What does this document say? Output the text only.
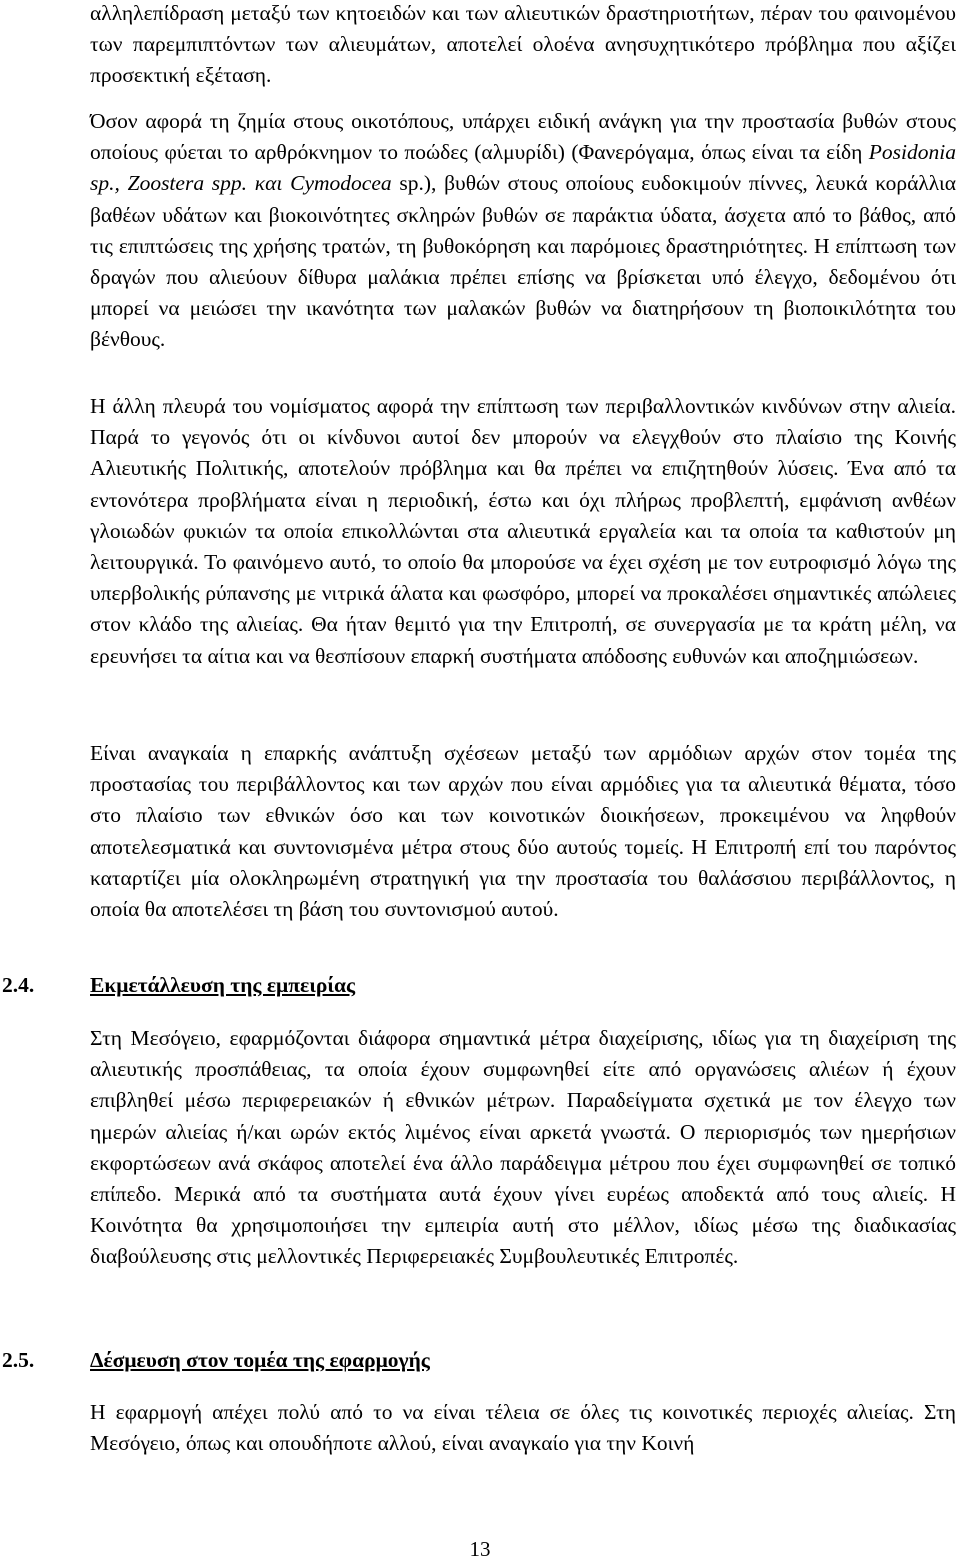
αλληλεπίδραση μεταξύ των κητοειδών και των αλιευτικών δραστηριοτήτων, πέραν του φαινομένου των παρεμπιπτόντων των αλιευμάτων, αποτελεί ολοένα ανησυχητικότερο πρόβλημα που αξίζει προσεκτική εξέταση.

Όσον αφορά τη ζημία στους οικοτόπους, υπάρχει ειδική ανάγκη για την προστασία βυθών στους οποίους φύεται το αρθρόκνημον το ποώδες (αλμυρίδι) (Φανερόγαμα, όπως είναι τα είδη Posidonia sp., Zoostera spp. και Cymodocea sp.), βυθών στους οποίους ευδοκιμούν πίννες, λευκά κοράλλια βαθέων υδάτων και βιοκοινότητες σκληρών βυθών σε παράκτια ύδατα, άσχετα από το βάθος, από τις επιπτώσεις της χρήσης τρατών, τη βυθοκόρηση και παρόμοιες δραστηριότητες. Η επίπτωση των δραγών που αλιεύουν δίθυρα μαλάκια πρέπει επίσης να βρίσκεται υπό έλεγχο, δεδομένου ότι μπορεί να μειώσει την ικανότητα των μαλακών βυθών να διατηρήσουν τη βιοποικιλότητα του βένθους.

Η άλλη πλευρά του νομίσματος αφορά την επίπτωση των περιβαλλοντικών κινδύνων στην αλιεία. Παρά το γεγονός ότι οι κίνδυνοι αυτοί δεν μπορούν να ελεγχθούν στο πλαίσιο της Κοινής Αλιευτικής Πολιτικής, αποτελούν πρόβλημα και θα πρέπει να επιζητηθούν λύσεις. Ένα από τα εντονότερα προβλήματα είναι η περιοδική, έστω και όχι πλήρως προβλεπτή, εμφάνιση ανθέων γλοιωδών φυκιών τα οποία επικολλώνται στα αλιευτικά εργαλεία και τα οποία τα καθιστούν μη λειτουργικά. Το φαινόμενο αυτό, το οποίο θα μπορούσε να έχει σχέση με τον ευτροφισμό λόγω της υπερβολικής ρύπανσης με νιτρικά άλατα και φωσφόρο, μπορεί να προκαλέσει σημαντικές απώλειες στον κλάδο της αλιείας. Θα ήταν θεμιτό για την Επιτροπή, σε συνεργασία με τα κράτη μέλη, να ερευνήσει τα αίτια και να θεσπίσουν επαρκή συστήματα απόδοσης ευθυνών και αποζημιώσεων.

Είναι αναγκαία η επαρκής ανάπτυξη σχέσεων μεταξύ των αρμόδιων αρχών στον τομέα της προστασίας του περιβάλλοντος και των αρχών που είναι αρμόδιες για τα αλιευτικά θέματα, τόσο στο πλαίσιο των εθνικών όσο και των κοινοτικών διοικήσεων, προκειμένου να ληφθούν αποτελεσματικά και συντονισμένα μέτρα στους δύο αυτούς τομείς. Η Επιτροπή επί του παρόντος καταρτίζει μία ολοκληρωμένη στρατηγική για την προστασία του θαλάσσιου περιβάλλοντος, η οποία θα αποτελέσει τη βάση του συντονισμού αυτού.

2.4.	Εκμετάλλευση της εμπειρίας

Στη Μεσόγειο, εφαρμόζονται διάφορα σημαντικά μέτρα διαχείρισης, ιδίως για τη διαχείριση της αλιευτικής προσπάθειας, τα οποία έχουν συμφωνηθεί είτε από οργανώσεις αλιέων ή έχουν επιβληθεί μέσω περιφερειακών ή εθνικών μέτρων. Παραδείγματα σχετικά με τον έλεγχο των ημερών αλιείας ή/και ωρών εκτός λιμένος είναι αρκετά γνωστά. Ο περιορισμός των ημερήσιων εκφορτώσεων ανά σκάφος αποτελεί ένα άλλο παράδειγμα μέτρου που έχει συμφωνηθεί σε τοπικό επίπεδο. Μερικά από τα συστήματα αυτά έχουν γίνει ευρέως αποδεκτά από τους αλιείς. Η Κοινότητα θα χρησιμοποιήσει την εμπειρία αυτή στο μέλλον, ιδίως μέσω της διαδικασίας διαβούλευσης στις μελλοντικές Περιφερειακές Συμβουλευτικές Επιτροπές.

2.5.	Δέσμευση στον τομέα της εφαρμογής

Η εφαρμογή απέχει πολύ από το να είναι τέλεια σε όλες τις κοινοτικές περιοχές αλιείας. Στη Μεσόγειο, όπως και οπουδήποτε αλλού, είναι αναγκαίο για την Κοινή

13
